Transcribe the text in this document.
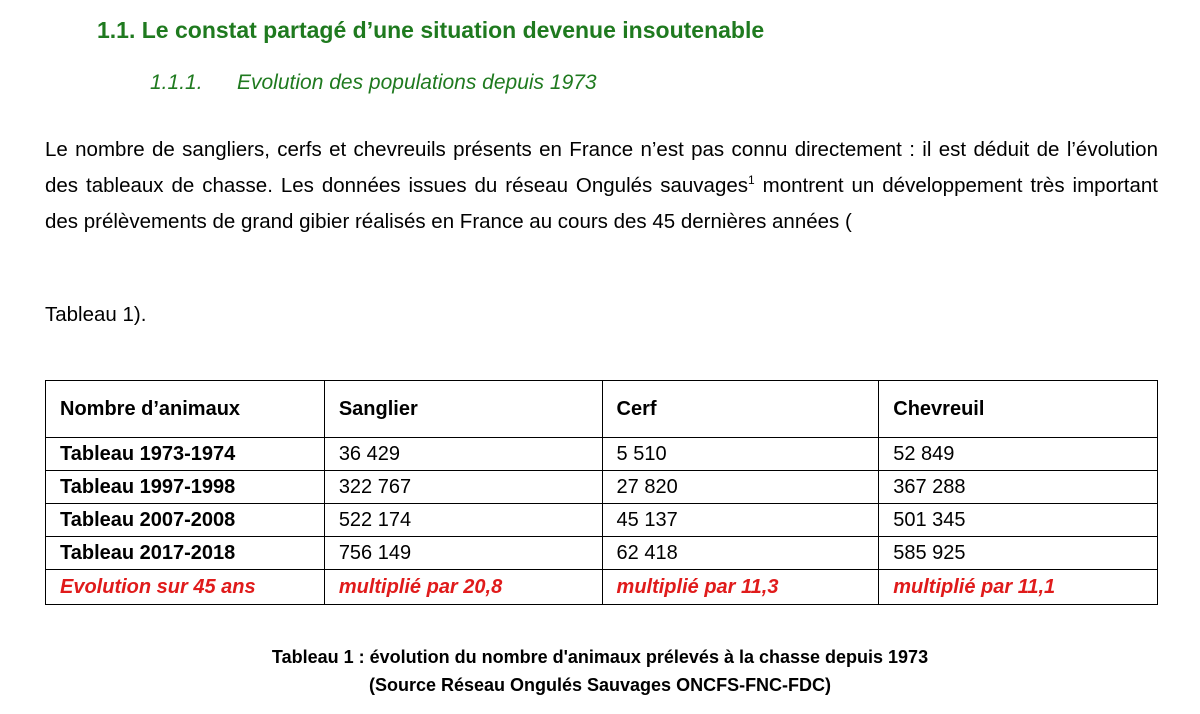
1.1. Le constat partagé d’une situation devenue insoutenable
1.1.1. Evolution des populations depuis 1973
Le nombre de sangliers, cerfs et chevreuils présents en France n’est pas connu directement : il est déduit de l’évolution des tableaux de chasse. Les données issues du réseau Ongulés sauvages$^1$ montrent un développement très important des prélèvements de grand gibier réalisés en France au cours des 45 dernières années (
Tableau 1).
Nombre d’animaux	Sanglier	Cerf	Chevreuil
Tableau 1973-1974	36 429	5 510	52 849
Tableau 1997-1998	322 767	27 820	367 288
Tableau 2007-2008	522 174	45 137	501 345
Tableau 2017-2018	756 149	62 418	585 925
Evolution sur 45 ans	multiplié par 20,8	multiplié par 11,3	multiplié par 11,1
Tableau 1 : évolution du nombre d'animaux prélevés à la chasse depuis 1973
(Source Réseau Ongulés Sauvages ONCFS-FNC-FDC)
